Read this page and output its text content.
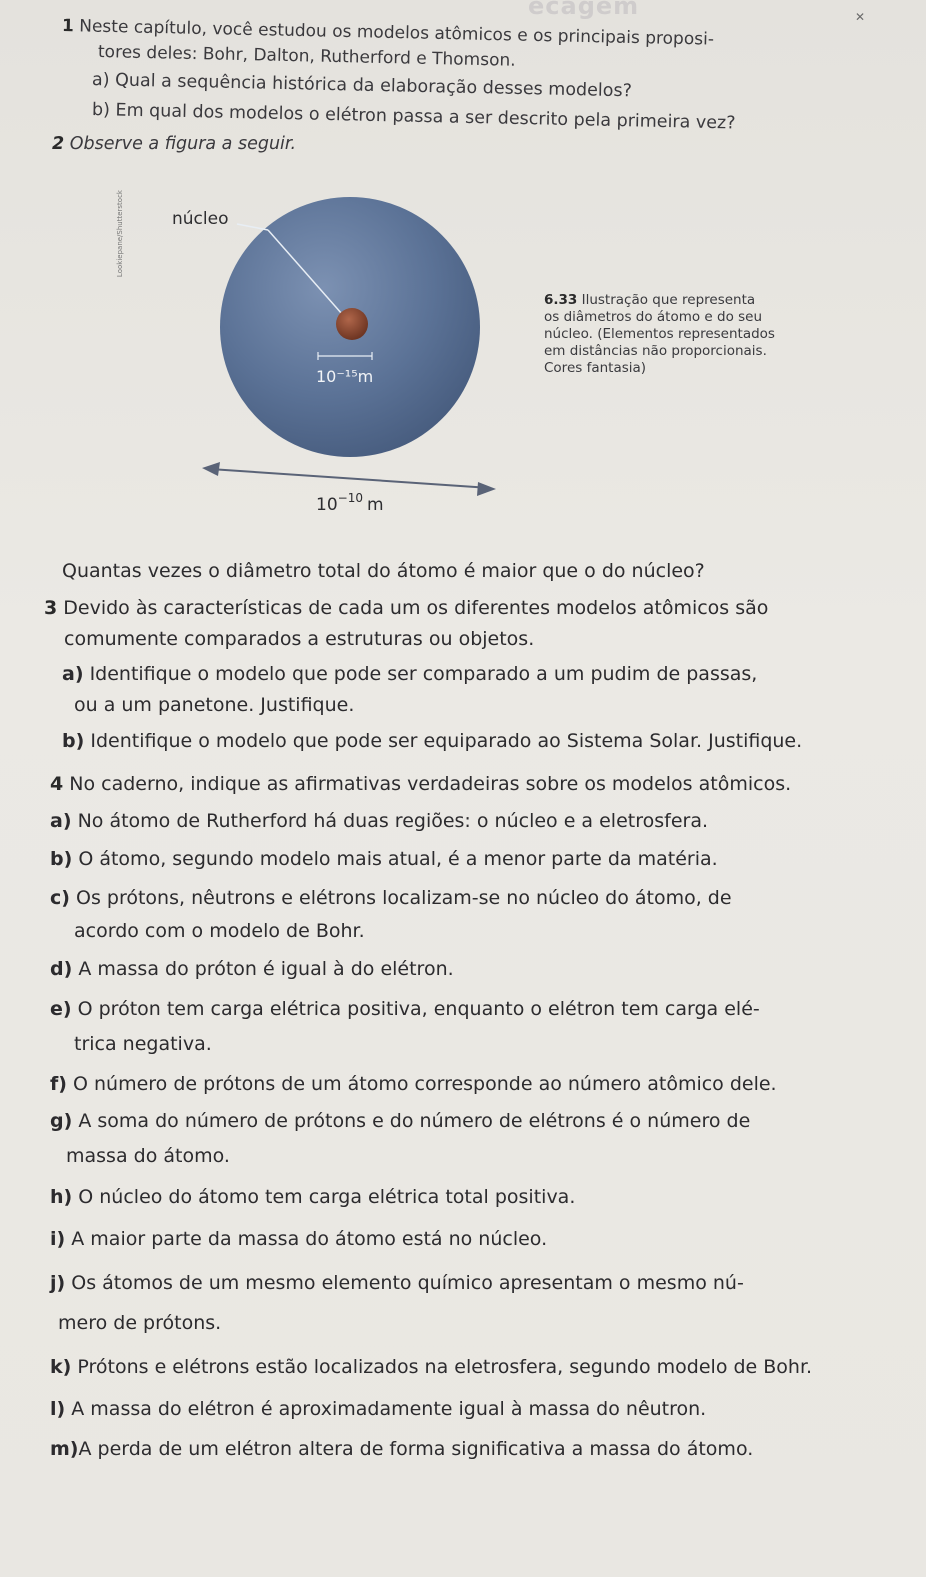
ecagem	✕
1 Neste capítulo, você estudou os modelos atômicos e os principais proposi-
tores deles: Bohr, Dalton, Rutherford e Thomson.
a) Qual a sequência histórica da elaboração desses modelos?
b) Em qual dos modelos o elétron passa a ser descrito pela primeira vez?
2 Observe a figura a seguir.
Lookiepane/Shutterstock	núcleo
10⁻¹⁵m
$10^{-10}$ m
6.33 Ilustração que representa
os diâmetros do átomo e do seu
núcleo. (Elementos representados
em distâncias não proporcionais.
Cores fantasia)
Quantas vezes o diâmetro total do átomo é maior que o do núcleo?
3 Devido às características de cada um os diferentes modelos atômicos são
comumente comparados a estruturas ou objetos.
a) Identifique o modelo que pode ser comparado a um pudim de passas,
ou a um panetone. Justifique.
b) Identifique o modelo que pode ser equiparado ao Sistema Solar. Justifique.
4 No caderno, indique as afirmativas verdadeiras sobre os modelos atômicos.
a) No átomo de Rutherford há duas regiões: o núcleo e a eletrosfera.
b) O átomo, segundo modelo mais atual, é a menor parte da matéria.
c) Os prótons, nêutrons e elétrons localizam-se no núcleo do átomo, de
acordo com o modelo de Bohr.
d) A massa do próton é igual à do elétron.
e) O próton tem carga elétrica positiva, enquanto o elétron tem carga elé-
trica negativa.
f) O número de prótons de um átomo corresponde ao número atômico dele.
g) A soma do número de prótons e do número de elétrons é o número de
massa do átomo.
h) O núcleo do átomo tem carga elétrica total positiva.
i) A maior parte da massa do átomo está no núcleo.
j) Os átomos de um mesmo elemento químico apresentam o mesmo nú-
mero de prótons.
k) Prótons e elétrons estão localizados na eletrosfera, segundo modelo de Bohr.
l) A massa do elétron é aproximadamente igual à massa do nêutron.
m)A perda de um elétron altera de forma significativa a massa do átomo.
